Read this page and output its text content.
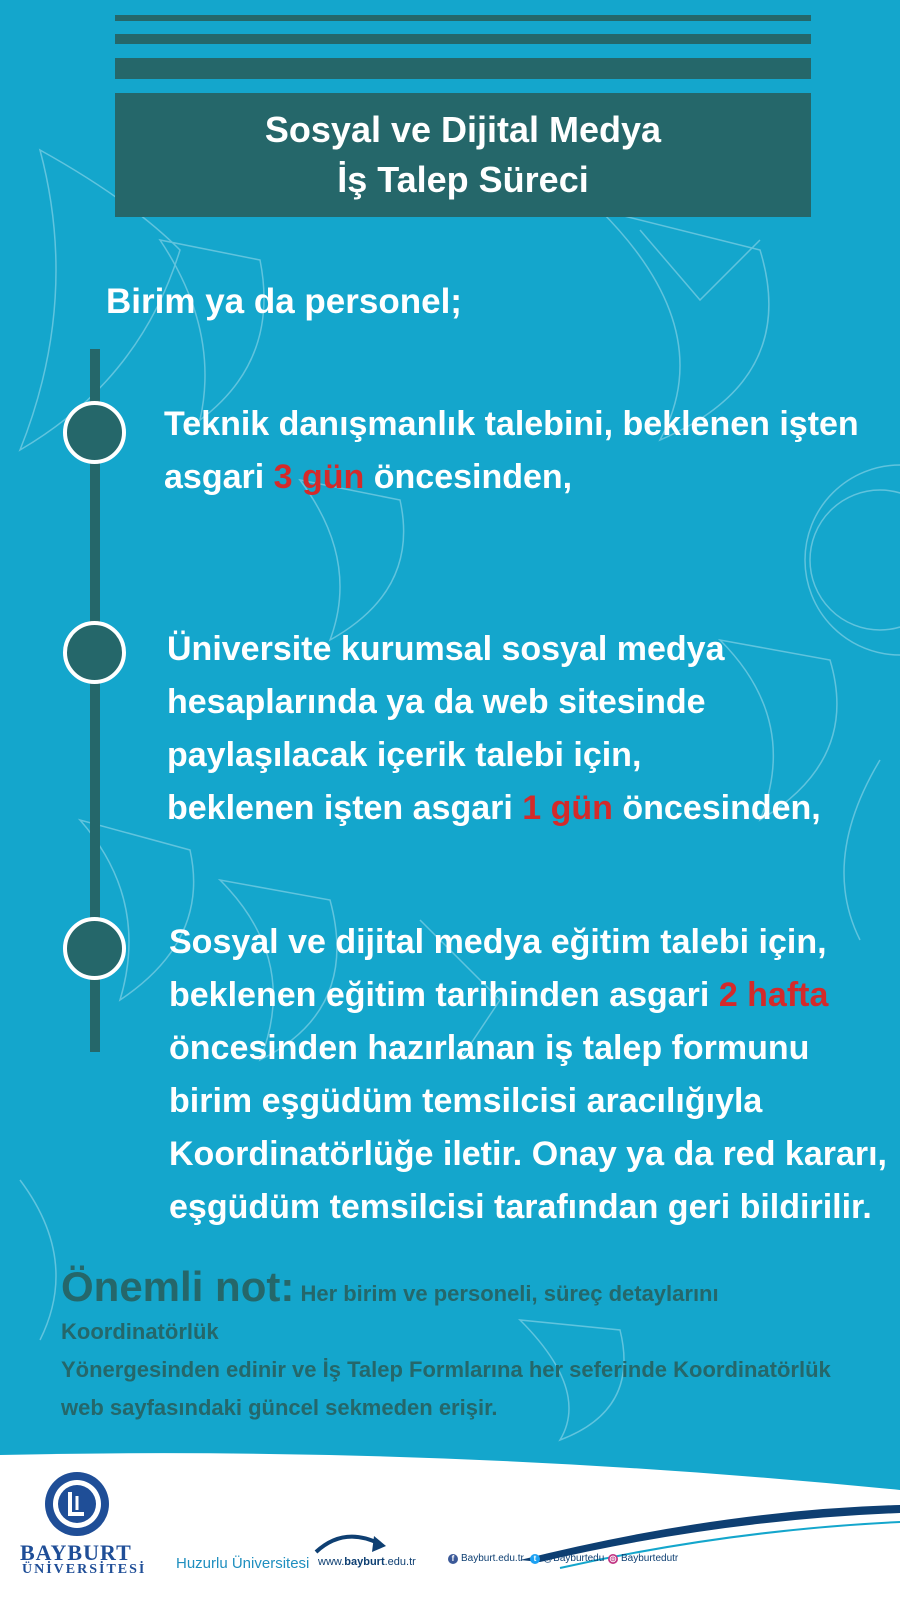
Sosyal ve Dijital Medya
İş Talep Süreci
Birim ya da personel;
Teknik danışmanlık talebini, beklenen işten
asgari 3 gün öncesinden,
Üniversite kurumsal sosyal medya
hesaplarında ya da web sitesinde
paylaşılacak içerik talebi için,
beklenen işten asgari 1 gün öncesinden,
Sosyal ve dijital medya eğitim talebi için,
beklenen eğitim tarihinden asgari 2 hafta
öncesinden hazırlanan iş talep formunu
birim eşgüdüm temsilcisi aracılığıyla
Koordinatörlüğe iletir. Onay ya da red kararı,
eşgüdüm temsilcisi tarafından geri bildirilir.
Önemli not: Her birim ve personeli, süreç detaylarını Koordinatörlük
Yönergesinden edinir ve İş Talep Formlarına her seferinde Koordinatörlük
web sayfasındaki güncel sekmeden erişir.
BAYBURT
ÜNİVERSİTESİ Huzurlu Üniversitesi www.bayburt.edu.tr	f Bayburt.edu.tr	t @Bayburtedu ◎ Bayburtedutr
